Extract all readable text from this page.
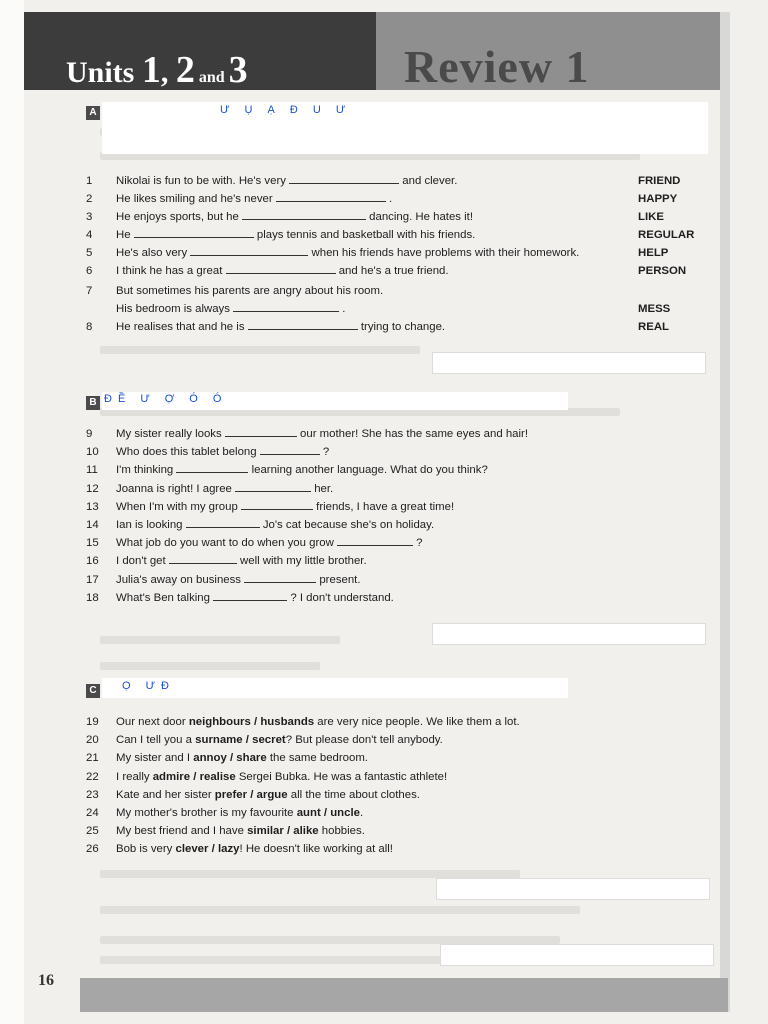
Units 1, 2 and 3	Review 1
A	Ư Ụ Ạ Đ U Ư
1 Nikolai is fun to be with. He's very	and clever.	FRIEND
2 He likes smiling and he's never	.	HAPPY
3 He enjoys sports, but he	dancing. He hates it!	LIKE
4 He	plays tennis and basketball with his friends.	REGULAR
5 He's also very	when his friends have problems with their homework.	HELP
6 I think he has a great	and he's a true friend.	PERSON
7 But sometimes his parents are angry about his room.
His bedroom is always	.	MESS
8 He realises that and he is	trying to change.	REAL
B ĐỀ Ư Ợ Ó Ó
9 My sister really looks	our mother! She has the same eyes and hair!
10 Who does this tablet belong	?
11 I'm thinking	learning another language. What do you think?
12 Joanna is right! I agree	her.
13 When I'm with my group	friends, I have a great time!
14 Ian is looking	Jo's cat because she's on holiday.
15 What job do you want to do when you grow	?
16 I don't get	well with my little brother.
17 Julia's away on business	present.
18 What's Ben talking	? I don't understand.
C	Ọ ƯĐ
19 Our next door neighbours / husbands are very nice people. We like them a lot.
20 Can I tell you a surname / secret? But please don't tell anybody.
21 My sister and I annoy / share the same bedroom.
22 I really admire / realise Sergei Bubka. He was a fantastic athlete!
23 Kate and her sister prefer / argue all the time about clothes.
24 My mother's brother is my favourite aunt / uncle.
25 My best friend and I have similar / alike hobbies.
26 Bob is very clever / lazy! He doesn't like working at all!
16
